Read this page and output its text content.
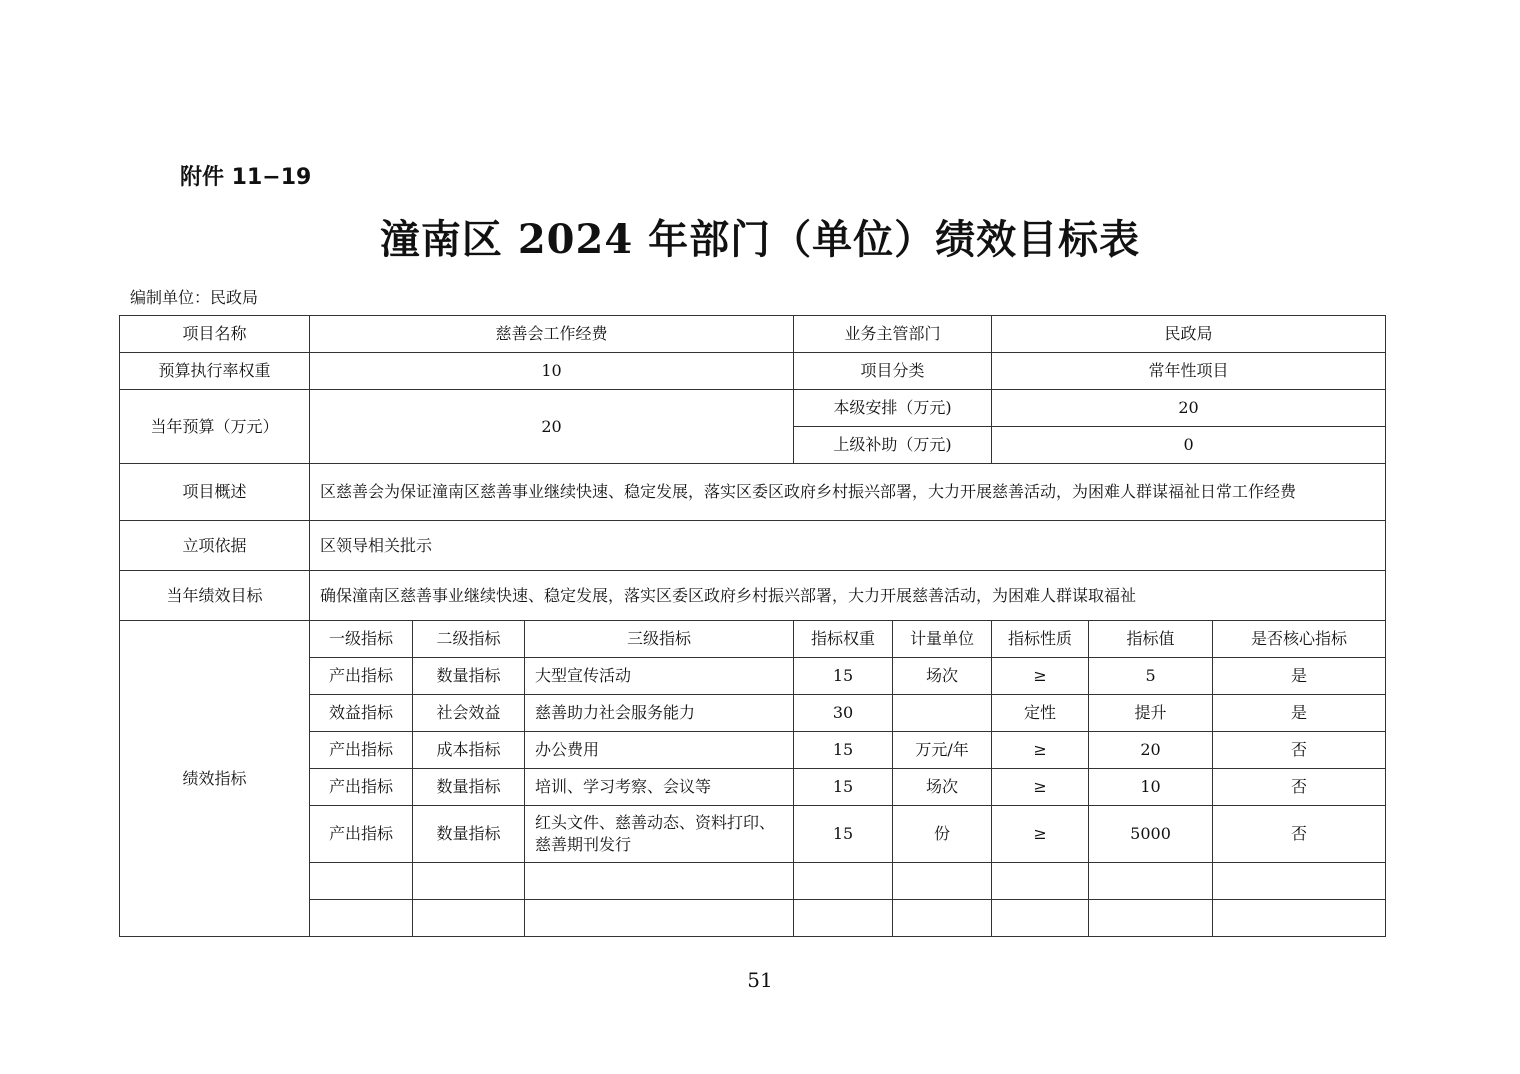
附件 11−19
潼南区 2024 年部门（单位）绩效目标表
编制单位：民政局
项目名称	慈善会工作经费			业务主管部门		民政局		
预算执行率权重	10			项目分类		常年性项目		
当年预算（万元）	20			本级安排（万元)		20		
				上级补助（万元)		0		
项目概述	区慈善会为保证潼南区慈善事业继续快速、稳定发展，落实区委区政府乡村振兴部署，大力开展慈善活动，为困难人群谋福祉日常工作经费							
立项依据	区领导相关批示							
当年绩效目标	确保潼南区慈善事业继续快速、稳定发展，落实区委区政府乡村振兴部署，大力开展慈善活动，为困难人群谋取福祉							
绩效指标	一级指标	二级指标	三级指标	指标权重	计量单位	指标性质	指标值	是否核心指标
	产出指标	数量指标	大型宣传活动	15	场次	≥	5	是
	效益指标	社会效益	慈善助力社会服务能力	30		定性	提升	是
	产出指标	成本指标	办公费用	15	万元/年	≥	20	否
	产出指标	数量指标	培训、学习考察、会议等	15	场次	≥	10	否
	产出指标	数量指标	红头文件、慈善动态、资料打印、慈善期刊发行	15	份	≥	5000	否

51
